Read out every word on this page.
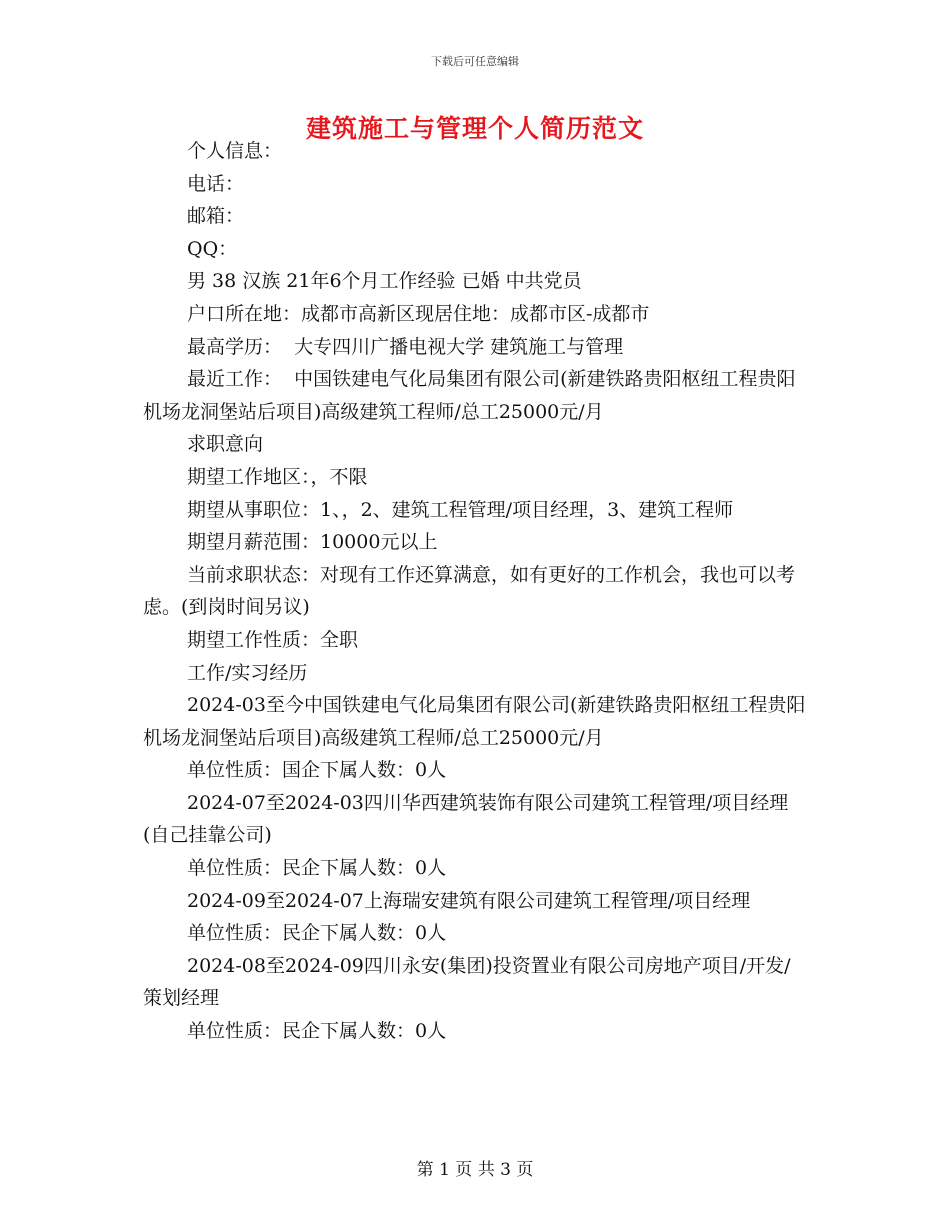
下载后可任意编辑
建筑施工与管理个人简历范文

个人信息：

电话：

邮箱：

QQ：

男 38 汉族 21年6个月工作经验 已婚 中共党员

户口所在地：成都市高新区现居住地：成都市区-成都市

最高学历：  大专四川广播电视大学 建筑施工与管理

最近工作：  中国铁建电气化局集团有限公司(新建铁路贵阳枢纽工程贵阳机场龙洞堡站后项目)高级建筑工程师/总工25000元/月

求职意向

期望工作地区：，不限

期望从事职位：1、，2、建筑工程管理/项目经理，3、建筑工程师

期望月薪范围：10000元以上

当前求职状态：对现有工作还算满意，如有更好的工作机会，我也可以考虑。(到岗时间另议)

期望工作性质：全职

工作/实习经历

2024-03至今中国铁建电气化局集团有限公司(新建铁路贵阳枢纽工程贵阳机场龙洞堡站后项目)高级建筑工程师/总工25000元/月

单位性质：国企下属人数：0人

2024-07至2024-03四川华西建筑装饰有限公司建筑工程管理/项目经理(自己挂靠公司)

单位性质：民企下属人数：0人

2024-09至2024-07上海瑞安建筑有限公司建筑工程管理/项目经理

单位性质：民企下属人数：0人

2024-08至2024-09四川永安(集团)投资置业有限公司房地产项目/开发/策划经理

单位性质：民企下属人数：0人

第 1 页 共 3 页
